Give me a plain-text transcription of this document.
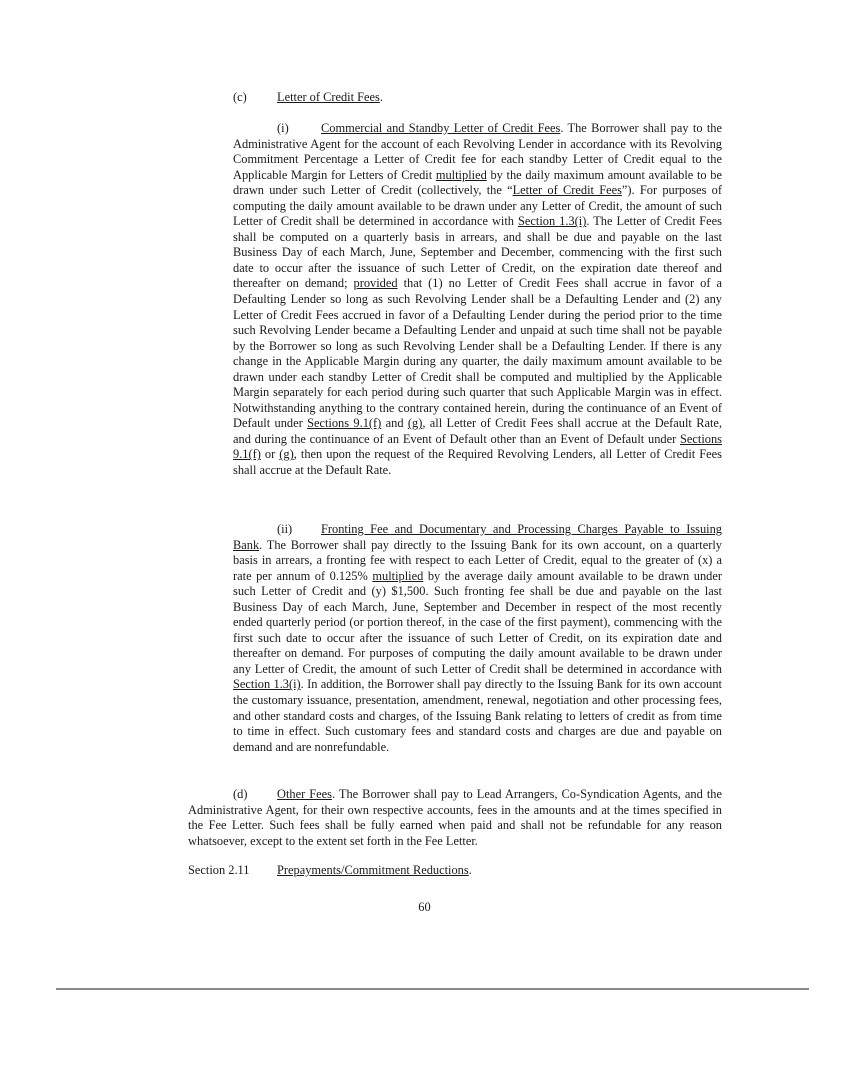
(c) Letter of Credit Fees.

(i)	Commercial and Standby Letter of Credit Fees. The Borrower shall pay to the Administrative Agent for the account of each Revolving Lender in accordance with its Revolving Commitment Percentage a Letter of Credit fee for each standby Letter of Credit equal to the Applicable Margin for Letters of Credit multiplied by the daily maximum amount available to be drawn under such Letter of Credit (collectively, the “Letter of Credit Fees”). For purposes of computing the daily amount available to be drawn under any Letter of Credit, the amount of such Letter of Credit shall be determined in accordance with Section 1.3(i). The Letter of Credit Fees shall be computed on a quarterly basis in arrears, and shall be due and payable on the last Business Day of each March, June, September and December, commencing with the first such date to occur after the issuance of such Letter of Credit, on the expiration date thereof and thereafter on demand; provided that (1) no Letter of Credit Fees shall accrue in favor of a Defaulting Lender so long as such Revolving Lender shall be a Defaulting Lender and (2) any Letter of Credit Fees accrued in favor of a Defaulting Lender during the period prior to the time such Revolving Lender became a Defaulting Lender and unpaid at such time shall not be payable by the Borrower so long as such Revolving Lender shall be a Defaulting Lender. If there is any change in the Applicable Margin during any quarter, the daily maximum amount available to be drawn under each standby Letter of Credit shall be computed and multiplied by the Applicable Margin separately for each period during such quarter that such Applicable Margin was in effect. Notwithstanding anything to the contrary contained herein, during the continuance of an Event of Default under Sections 9.1(f) and (g), all Letter of Credit Fees shall accrue at the Default Rate, and during the continuance of an Event of Default other than an Event of Default under Sections 9.1(f) or (g), then upon the request of the Required Revolving Lenders, all Letter of Credit Fees shall accrue at the Default Rate.

(ii) Fronting Fee and Documentary and Processing Charges Payable to Issuing Bank. The Borrower shall pay directly to the Issuing Bank for its own account, on a quarterly basis in arrears, a fronting fee with respect to each Letter of Credit, equal to the greater of (x) a rate per annum of 0.125% multiplied by the average daily amount available to be drawn under such Letter of Credit and (y) $1,500. Such fronting fee shall be due and payable on the last Business Day of each March, June, September and December in respect of the most recently ended quarterly period (or portion thereof, in the case of the first payment), commencing with the first such date to occur after the issuance of such Letter of Credit, on its expiration date and thereafter on demand. For purposes of computing the daily amount available to be drawn under any Letter of Credit, the amount of such Letter of Credit shall be determined in accordance with Section 1.3(i). In addition, the Borrower shall pay directly to the Issuing Bank for its own account the customary issuance, presentation, amendment, renewal, negotiation and other processing fees, and other standard costs and charges, of the Issuing Bank relating to letters of credit as from time to time in effect. Such customary fees and standard costs and charges are due and payable on demand and are nonrefundable.

(d) Other Fees. The Borrower shall pay to Lead Arrangers, Co-Syndication Agents, and the Administrative Agent, for their own respective accounts, fees in the amounts and at the times specified in the Fee Letter. Such fees shall be fully earned when paid and shall not be refundable for any reason whatsoever, except to the extent set forth in the Fee Letter.

Section 2.11 Prepayments/Commitment Reductions.
60
